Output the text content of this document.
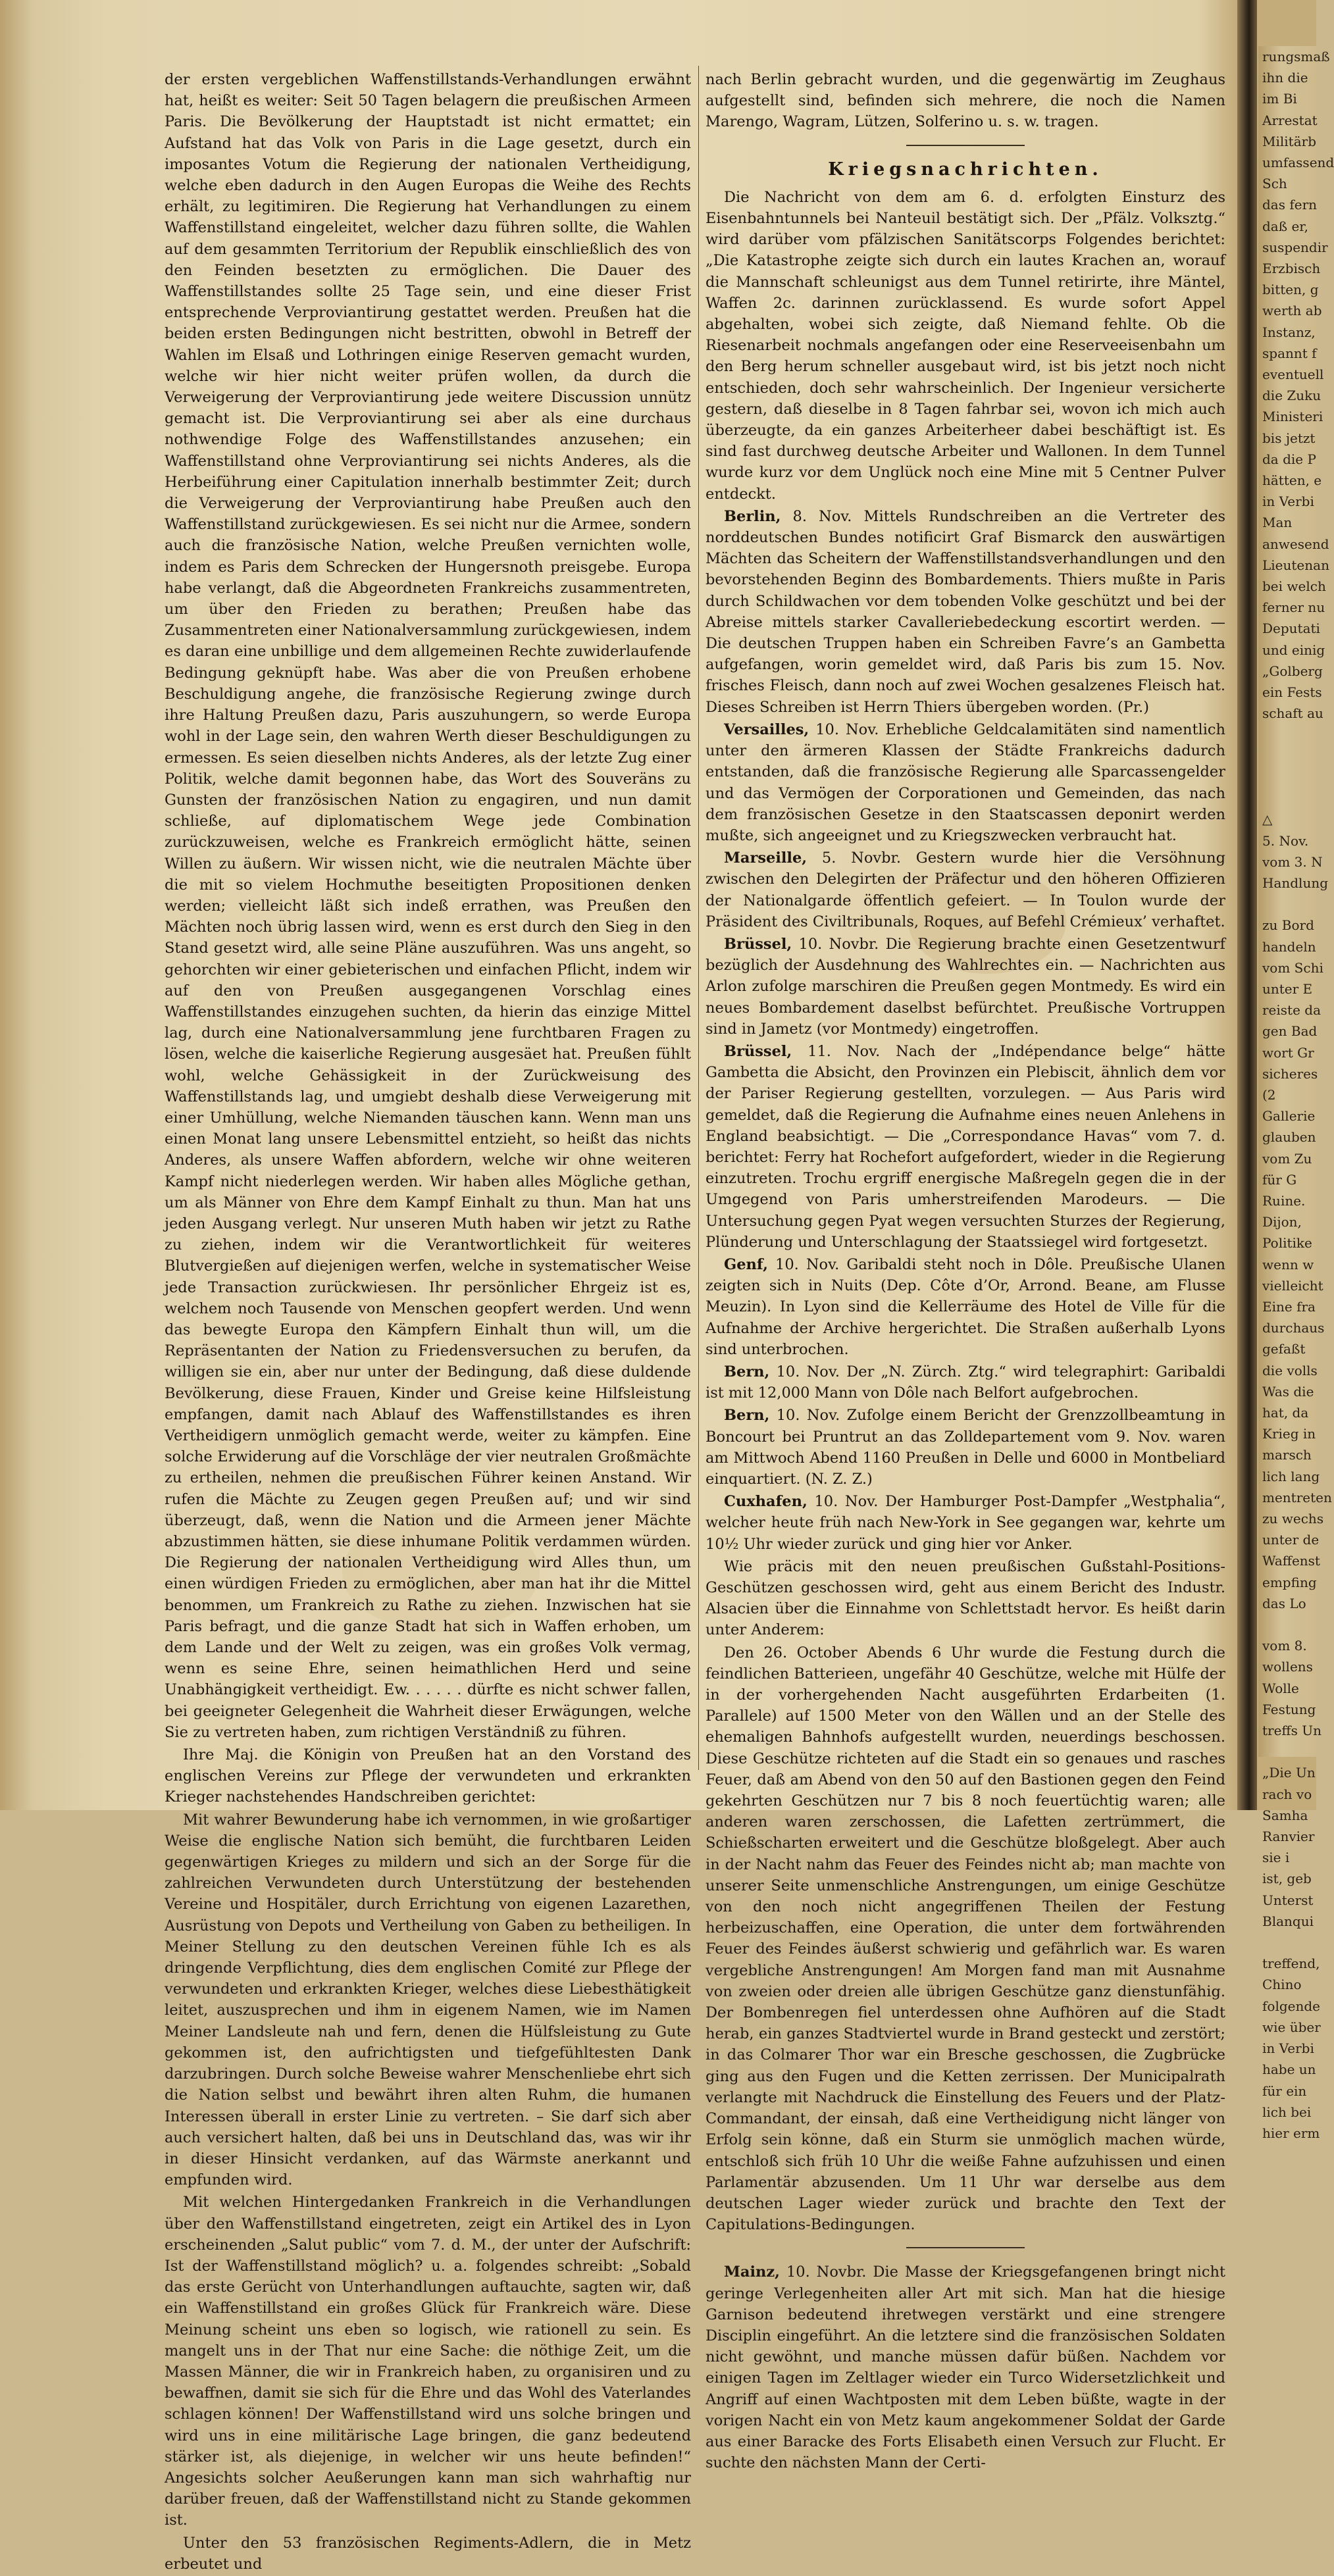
der ersten vergeblichen Waffenstillstands-Verhandlungen erwähnt hat, heißt es weiter: Seit 50 Tagen belagern die preußischen Armeen Paris. Die Bevölkerung der Hauptstadt ist nicht ermattet; ein Aufstand hat das Volk von Paris in die Lage gesetzt, durch ein imposantes Votum die Regierung der nationalen Vertheidigung, welche eben dadurch in den Augen Europas die Weihe des Rechts erhält, zu legitimiren. Die Regierung hat Verhandlungen zu einem Waffenstillstand eingeleitet, welcher dazu führen sollte, die Wahlen auf dem gesammten Territorium der Republik einschließlich des von den Feinden besetzten zu ermöglichen. Die Dauer des Waffenstillstandes sollte 25 Tage sein, und eine dieser Frist entsprechende Verproviantirung gestattet werden. Preußen hat die beiden ersten Bedingungen nicht bestritten, obwohl in Betreff der Wahlen im Elsaß und Lothringen einige Reserven gemacht wurden, welche wir hier nicht weiter prüfen wollen, da durch die Verweigerung der Verproviantirung jede weitere Discussion unnütz gemacht ist. Die Verproviantirung sei aber als eine durchaus nothwendige Folge des Waffenstillstandes anzusehen; ein Waffenstillstand ohne Verproviantirung sei nichts Anderes, als die Herbeiführung einer Capitulation innerhalb bestimmter Zeit; durch die Verweigerung der Verproviantirung habe Preußen auch den Waffenstillstand zurückgewiesen. Es sei nicht nur die Armee, sondern auch die französische Nation, welche Preußen vernichten wolle, indem es Paris dem Schrecken der Hungersnoth preisgebe. Europa habe verlangt, daß die Abgeordneten Frankreichs zusammentreten, um über den Frieden zu berathen; Preußen habe das Zusammentreten einer Nationalversammlung zurückgewiesen, indem es daran eine unbillige und dem allgemeinen Rechte zuwiderlaufende Bedingung geknüpft habe. Was aber die von Preußen erhobene Beschuldigung angehe, die französische Regierung zwinge durch ihre Haltung Preußen dazu, Paris auszuhungern, so werde Europa wohl in der Lage sein, den wahren Werth dieser Beschuldigungen zu ermessen. Es seien dieselben nichts Anderes, als der letzte Zug einer Politik, welche damit begonnen habe, das Wort des Souveräns zu Gunsten der französischen Nation zu engagiren, und nun damit schließe, auf diplomatischem Wege jede Combination zurückzuweisen, welche es Frankreich ermöglicht hätte, seinen Willen zu äußern. Wir wissen nicht, wie die neutralen Mächte über die mit so vielem Hochmuthe beseitigten Propositionen denken werden; vielleicht läßt sich indeß errathen, was Preußen den Mächten noch übrig lassen wird, wenn es erst durch den Sieg in den Stand gesetzt wird, alle seine Pläne auszuführen. Was uns angeht, so gehorchten wir einer gebieterischen und einfachen Pflicht, indem wir auf den von Preußen ausgegangenen Vorschlag eines Waffenstillstandes einzugehen suchten, da hierin das einzige Mittel lag, durch eine Nationalversammlung jene furchtbaren Fragen zu lösen, welche die kaiserliche Regierung ausgesäet hat. Preußen fühlt wohl, welche Gehässigkeit in der Zurückweisung des Waffenstillstands lag, und umgiebt deshalb diese Verweigerung mit einer Umhüllung, welche Niemanden täuschen kann. Wenn man uns einen Monat lang unsere Lebensmittel entzieht, so heißt das nichts Anderes, als unsere Waffen abfordern, welche wir ohne weiteren Kampf nicht niederlegen werden. Wir haben alles Mögliche gethan, um als Männer von Ehre dem Kampf Einhalt zu thun. Man hat uns jeden Ausgang verlegt. Nur unseren Muth haben wir jetzt zu Rathe zu ziehen, indem wir die Verantwortlichkeit für weiteres Blutvergießen auf diejenigen werfen, welche in systematischer Weise jede Transaction zurückwiesen. Ihr persönlicher Ehrgeiz ist es, welchem noch Tausende von Menschen geopfert werden. Und wenn das bewegte Europa den Kämpfern Einhalt thun will, um die Repräsentanten der Nation zu Friedensversuchen zu berufen, da willigen sie ein, aber nur unter der Bedingung, daß diese duldende Bevölkerung, diese Frauen, Kinder und Greise keine Hilfsleistung empfangen, damit nach Ablauf des Waffenstillstandes es ihren Vertheidigern unmöglich gemacht werde, weiter zu kämpfen. Eine solche Erwiderung auf die Vorschläge der vier neutralen Großmächte zu ertheilen, nehmen die preußischen Führer keinen Anstand. Wir rufen die Mächte zu Zeugen gegen Preußen auf; und wir sind überzeugt, daß, wenn die Nation und die Armeen jener Mächte abzustimmen hätten, sie diese inhumane Politik verdammen würden. Die Regierung der nationalen Vertheidigung wird Alles thun, um einen würdigen Frieden zu ermöglichen, aber man hat ihr die Mittel benommen, um Frankreich zu Rathe zu ziehen. Inzwischen hat sie Paris befragt, und die ganze Stadt hat sich in Waffen erhoben, um dem Lande und der Welt zu zeigen, was ein großes Volk vermag, wenn es seine Ehre, seinen heimathlichen Herd und seine Unabhängigkeit vertheidigt. Ew. . . . . . dürfte es nicht schwer fallen, bei geeigneter Gelegenheit die Wahrheit dieser Erwägungen, welche Sie zu vertreten haben, zum richtigen Verständniß zu führen.

Ihre Maj. die Königin von Preußen hat an den Vorstand des englischen Vereins zur Pflege der verwundeten und erkrankten Krieger nachstehendes Handschreiben gerichtet:

Mit wahrer Bewunderung habe ich vernommen, in wie großartiger Weise die englische Nation sich bemüht, die furchtbaren Leiden gegenwärtigen Krieges zu mildern und sich an der Sorge für die zahlreichen Verwundeten durch Unterstützung der bestehenden Vereine und Hospitäler, durch Errichtung von eigenen Lazarethen, Ausrüstung von Depots und Vertheilung von Gaben zu betheiligen. In Meiner Stellung zu den deutschen Vereinen fühle Ich es als dringende Verpflichtung, dies dem englischen Comité zur Pflege der verwundeten und erkrankten Krieger, welches diese Liebesthätigkeit leitet, auszusprechen und ihm in eigenem Namen, wie im Namen Meiner Landsleute nah und fern, denen die Hülfsleistung zu Gute gekommen ist, den aufrichtigsten und tiefgefühltesten Dank darzubringen. Durch solche Beweise wahrer Menschenliebe ehrt sich die Nation selbst und bewährt ihren alten Ruhm, die humanen Interessen überall in erster Linie zu vertreten. – Sie darf sich aber auch versichert halten, daß bei uns in Deutschland das, was wir ihr in dieser Hinsicht verdanken, auf das Wärmste anerkannt und empfunden wird.

Mit welchen Hintergedanken Frankreich in die Verhandlungen über den Waffenstillstand eingetreten, zeigt ein Artikel des in Lyon erscheinenden „Salut public“ vom 7. d. M., der unter der Aufschrift: Ist der Waffenstillstand möglich? u. a. folgendes schreibt: „Sobald das erste Gerücht von Unterhandlungen auftauchte, sagten wir, daß ein Waffenstillstand ein großes Glück für Frankreich wäre. Diese Meinung scheint uns eben so logisch, wie rationell zu sein. Es mangelt uns in der That nur eine Sache: die nöthige Zeit, um die Massen Männer, die wir in Frankreich haben, zu organisiren und zu bewaffnen, damit sie sich für die Ehre und das Wohl des Vaterlandes schlagen können! Der Waffenstillstand wird uns solche bringen und wird uns in eine militärische Lage bringen, die ganz bedeutend stärker ist, als diejenige, in welcher wir uns heute befinden!“ Angesichts solcher Aeußerungen kann man sich wahrhaftig nur darüber freuen, daß der Waffenstillstand nicht zu Stande gekommen ist.

Unter den 53 französischen Regiments-Adlern, die in Metz erbeutet und

nach Berlin gebracht wurden, und die gegenwärtig im Zeughaus aufgestellt sind, befinden sich mehrere, die noch die Namen Marengo, Wagram, Lützen, Solferino u. s. w. tragen.

Kriegsnachrichten.

Die Nachricht von dem am 6. d. erfolgten Einsturz des Eisenbahntunnels bei Nanteuil bestätigt sich. Der „Pfälz. Volksztg.“ wird darüber vom pfälzischen Sanitätscorps Folgendes berichtet: „Die Katastrophe zeigte sich durch ein lautes Krachen an, worauf die Mannschaft schleunigst aus dem Tunnel retirirte, ihre Mäntel, Waffen 2c. darinnen zurücklassend. Es wurde sofort Appel abgehalten, wobei sich zeigte, daß Niemand fehlte. Ob die Riesenarbeit nochmals angefangen oder eine Reserveeisenbahn um den Berg herum schneller ausgebaut wird, ist bis jetzt noch nicht entschieden, doch sehr wahrscheinlich. Der Ingenieur versicherte gestern, daß dieselbe in 8 Tagen fahrbar sei, wovon ich mich auch überzeugte, da ein ganzes Arbeiterheer dabei beschäftigt ist. Es sind fast durchweg deutsche Arbeiter und Wallonen. In dem Tunnel wurde kurz vor dem Unglück noch eine Mine mit 5 Centner Pulver entdeckt.

Berlin, 8. Nov. Mittels Rundschreiben an die Vertreter des norddeutschen Bundes notificirt Graf Bismarck den auswärtigen Mächten das Scheitern der Waffenstillstandsverhandlungen und den bevorstehenden Beginn des Bombardements. Thiers mußte in Paris durch Schildwachen vor dem tobenden Volke geschützt und bei der Abreise mittels starker Cavalleriebedeckung escortirt werden. — Die deutschen Truppen haben ein Schreiben Favre’s an Gambetta aufgefangen, worin gemeldet wird, daß Paris bis zum 15. Nov. frisches Fleisch, dann noch auf zwei Wochen gesalzenes Fleisch hat. Dieses Schreiben ist Herrn Thiers übergeben worden. (Pr.)

Versailles, 10. Nov. Erhebliche Geldcalamitäten sind namentlich unter den ärmeren Klassen der Städte Frankreichs dadurch entstanden, daß die französische Regierung alle Sparcassengelder und das Vermögen der Corporationen und Gemeinden, das nach dem französischen Gesetze in den Staatscassen deponirt werden mußte, sich angeeignet und zu Kriegszwecken verbraucht hat.

Marseille, 5. Novbr. Gestern wurde hier die Versöhnung zwischen den Delegirten der Präfectur und den höheren Offizieren der Nationalgarde öffentlich gefeiert. — In Toulon wurde der Präsident des Civiltribunals, Roques, auf Befehl Crémieux’ verhaftet.

Brüssel, 10. Novbr. Die Regierung brachte einen Gesetzentwurf bezüglich der Ausdehnung des Wahlrechtes ein. — Nachrichten aus Arlon zufolge marschiren die Preußen gegen Montmedy. Es wird ein neues Bombardement daselbst befürchtet. Preußische Vortruppen sind in Jametz (vor Montmedy) eingetroffen.

Brüssel, 11. Nov. Nach der „Indépendance belge“ hätte Gambetta die Absicht, den Provinzen ein Plebiscit, ähnlich dem vor der Pariser Regierung gestellten, vorzulegen. — Aus Paris wird gemeldet, daß die Regierung die Aufnahme eines neuen Anlehens in England beabsichtigt. — Die „Correspondance Havas“ vom 7. d. berichtet: Ferry hat Rochefort aufgefordert, wieder in die Regierung einzutreten. Trochu ergriff energische Maßregeln gegen die in der Umgegend von Paris umherstreifenden Marodeurs. — Die Untersuchung gegen Pyat wegen versuchten Sturzes der Regierung, Plünderung und Unterschlagung der Staatssiegel wird fortgesetzt.

Genf, 10. Nov. Garibaldi steht noch in Dôle. Preußische Ulanen zeigten sich in Nuits (Dep. Côte d’Or, Arrond. Beane, am Flusse Meuzin). In Lyon sind die Kellerräume des Hotel de Ville für die Aufnahme der Archive hergerichtet. Die Straßen außerhalb Lyons sind unterbrochen.

Bern, 10. Nov. Der „N. Zürch. Ztg.“ wird telegraphirt: Garibaldi ist mit 12,000 Mann von Dôle nach Belfort aufgebrochen.

Bern, 10. Nov. Zufolge einem Bericht der Grenzzollbeamtung in Boncourt bei Pruntrut an das Zolldepartement vom 9. Nov. waren am Mittwoch Abend 1160 Preußen in Delle und 6000 in Montbeliard einquartiert. (N. Z. Z.)

Cuxhafen, 10. Nov. Der Hamburger Post-Dampfer „Westphalia“, welcher heute früh nach New-York in See gegangen war, kehrte um 10½ Uhr wieder zurück und ging hier vor Anker.

Wie präcis mit den neuen preußischen Gußstahl-Positions-Geschützen geschossen wird, geht aus einem Bericht des Industr. Alsacien über die Einnahme von Schlettstadt hervor. Es heißt darin unter Anderem:

Den 26. October Abends 6 Uhr wurde die Festung durch die feindlichen Batterieen, ungefähr 40 Geschütze, welche mit Hülfe der in der vorhergehenden Nacht ausgeführten Erdarbeiten (1. Parallele) auf 1500 Meter von den Wällen und an der Stelle des ehemaligen Bahnhofs aufgestellt wurden, neuerdings beschossen. Diese Geschütze richteten auf die Stadt ein so genaues und rasches Feuer, daß am Abend von den 50 auf den Bastionen gegen den Feind gekehrten Geschützen nur 7 bis 8 noch feuertüchtig waren; alle anderen waren zerschossen, die Lafetten zertrümmert, die Schießscharten erweitert und die Geschütze bloßgelegt. Aber auch in der Nacht nahm das Feuer des Feindes nicht ab; man machte von unserer Seite unmenschliche Anstrengungen, um einige Geschütze von den noch nicht angegriffenen Theilen der Festung herbeizuschaffen, eine Operation, die unter dem fortwährenden Feuer des Feindes äußerst schwierig und gefährlich war. Es waren vergebliche Anstrengungen! Am Morgen fand man mit Ausnahme von zweien oder dreien alle übrigen Geschütze ganz dienstunfähig. Der Bombenregen fiel unterdessen ohne Aufhören auf die Stadt herab, ein ganzes Stadtviertel wurde in Brand gesteckt und zerstört; in das Colmarer Thor war ein Bresche geschossen, die Zugbrücke ging aus den Fugen und die Ketten zerrissen. Der Municipalrath verlangte mit Nachdruck die Einstellung des Feuers und der Platz-Commandant, der einsah, daß eine Vertheidigung nicht länger von Erfolg sein könne, daß ein Sturm sie unmöglich machen würde, entschloß sich früh 10 Uhr die weiße Fahne aufzuhissen und einen Parlamentär abzusenden. Um 11 Uhr war derselbe aus dem deutschen Lager wieder zurück und brachte den Text der Capitulations-Bedingungen.

Mainz, 10. Novbr. Die Masse der Kriegsgefangenen bringt nicht geringe Verlegenheiten aller Art mit sich. Man hat die hiesige Garnison bedeutend ihretwegen verstärkt und eine strengere Disciplin eingeführt. An die letztere sind die französischen Soldaten nicht gewöhnt, und manche müssen dafür büßen. Nachdem vor einigen Tagen im Zeltlager wieder ein Turco Widersetzlichkeit und Angriff auf einen Wachtposten mit dem Leben büßte, wagte in der vorigen Nacht ein von Metz kaum angekommener Soldat der Garde aus einer Baracke des Forts Elisabeth einen Versuch zur Flucht. Er suchte den nächsten Mann der Certi-

rungsmaß
ihn die
im Bi
Arrestat
Militärb
umfassend
Sch
das fern
daß er,
suspendir
Erzbisch
bitten, g
werth ab
Instanz,
spannt f
eventuell
die Zuku
Ministeri
bis jetzt
da die P
hätten, e
in Verbi
Man
anwesend
Lieutenan
bei welch
ferner nu
Deputati
und einig
„Golberg
ein Fests
schaft au

△
5. Nov.
vom 3. N
Handlung

zu Bord
handeln
vom Schi
unter E
reiste da
gen Bad
wort Gr
sicheres
(2
Gallerie
glauben
vom Zu
für G
Ruine.
Dijon,
Politike
wenn w
vielleicht
Eine fra
durchaus
gefaßt
die volls
Was die
hat, da
Krieg in
marsch
lich lang
mentreten
zu wechs
unter de
Waffenst
empfing
das Lo

vom 8.
wollens
Wolle
Festung
treffs Un

„Die Un
rach vo
Samha
Ranvier
sie i
ist, geb
Unterst
Blanqui

treffend,
Chino
folgende
wie über
in Verbi
habe un
für ein
lich bei
hier erm
